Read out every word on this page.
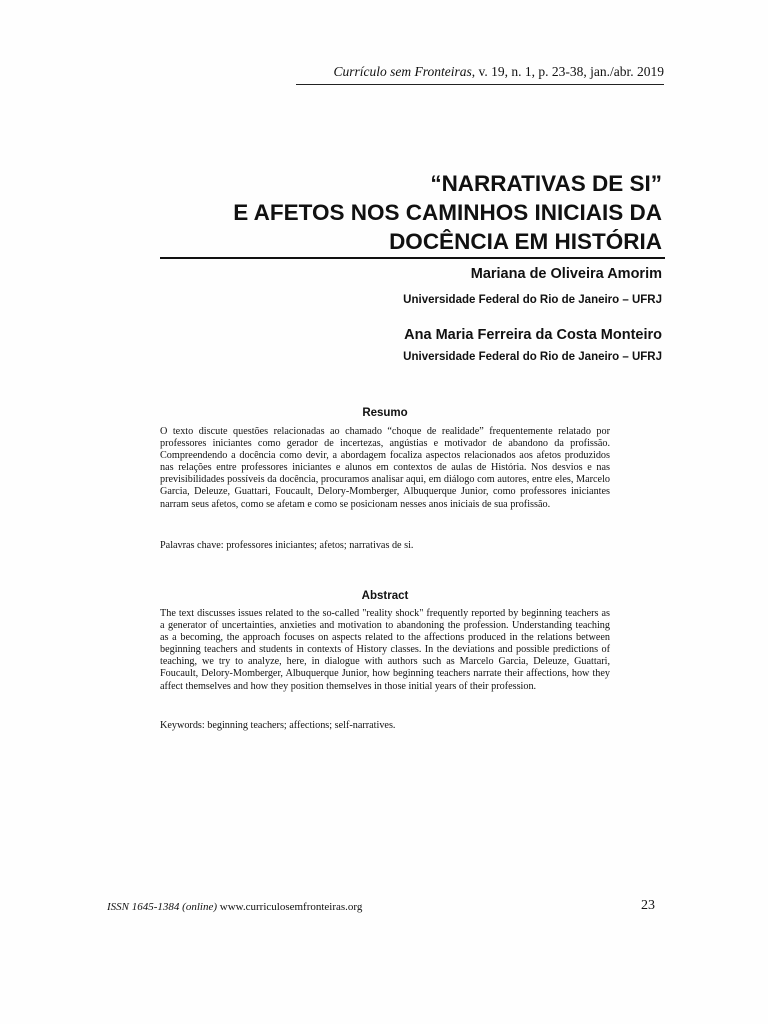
Currículo sem Fronteiras, v. 19, n. 1, p. 23-38, jan./abr. 2019
“NARRATIVAS DE SI”
E AFETOS NOS CAMINHOS INICIAIS DA
DOCÊNCIA EM HISTÓRIA
Mariana de Oliveira Amorim
Universidade Federal do Rio de Janeiro – UFRJ
Ana Maria Ferreira da Costa Monteiro
Universidade Federal do Rio de Janeiro – UFRJ
Resumo
O texto discute questões relacionadas ao chamado “choque de realidade” frequentemente relatado por professores iniciantes como gerador de incertezas, angústias e motivador de abandono da profissão. Compreendendo a docência como devir, a abordagem focaliza aspectos relacionados aos afetos produzidos nas relações entre professores iniciantes e alunos em contextos de aulas de História. Nos desvios e nas previsibilidades possíveis da docência, procuramos analisar aqui, em diálogo com autores, entre eles, Marcelo Garcia, Deleuze, Guattari, Foucault, Delory-Momberger, Albuquerque Junior, como professores iniciantes narram seus afetos, como se afetam e como se posicionam nesses anos iniciais de sua profissão.
Palavras chave: professores iniciantes; afetos; narrativas de si.
Abstract
The text discusses issues related to the so-called "reality shock" frequently reported by beginning teachers as a generator of uncertainties, anxieties and motivation to abandoning the profession. Understanding teaching as a becoming, the approach focuses on aspects related to the affections produced in the relations between beginning teachers and students in contexts of History classes. In the deviations and possible predictions of teaching, we try to analyze, here, in dialogue with authors such as Marcelo Garcia, Deleuze, Guattari, Foucault, Delory-Momberger, Albuquerque Junior, how beginning teachers narrate their affections, how they affect themselves and how they position themselves in those initial years of their profession.
Keywords: beginning teachers; affections; self-narratives.
ISSN 1645-1384 (online) www.curriculosemfronteiras.org	23
